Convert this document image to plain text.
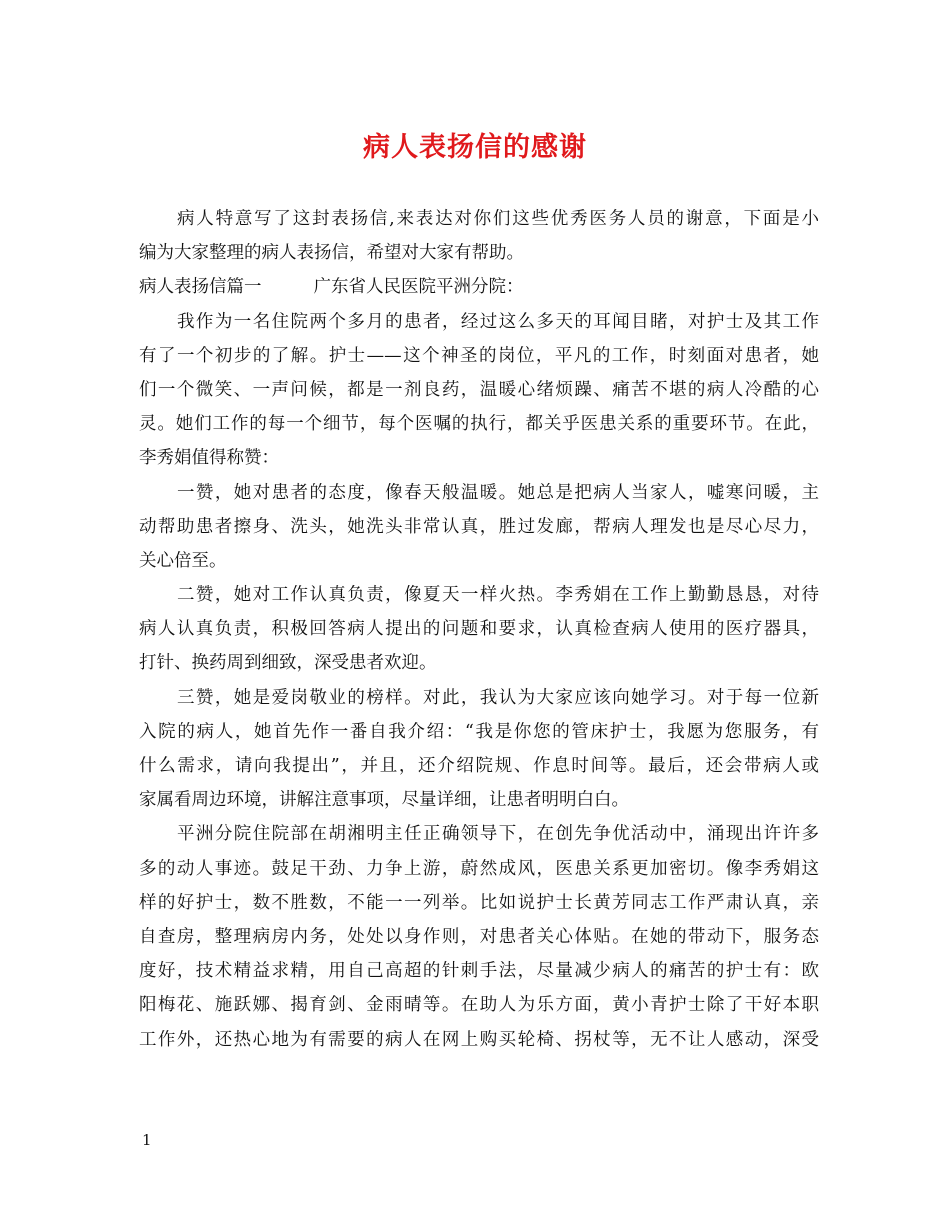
病人表扬信的感谢
病人特意写了这封表扬信,来表达对你们这些优秀医务人员的谢意，下面是小
编为大家整理的病人表扬信，希望对大家有帮助。
病人表扬信篇一	广东省人民医院平洲分院：
我作为一名住院两个多月的患者，经过这么多天的耳闻目睹，对护士及其工作
有了一个初步的了解。护士——这个神圣的岗位，平凡的工作，时刻面对患者，她
们一个微笑、一声问候，都是一剂良药，温暖心绪烦躁、痛苦不堪的病人冷酷的心
灵。她们工作的每一个细节，每个医嘱的执行，都关乎医患关系的重要环节。在此，
李秀娟值得称赞：
一赞，她对患者的态度，像春天般温暖。她总是把病人当家人，嘘寒问暖，主
动帮助患者擦身、洗头，她洗头非常认真，胜过发廊，帮病人理发也是尽心尽力，
关心倍至。
二赞，她对工作认真负责，像夏天一样火热。李秀娟在工作上勤勤恳恳，对待
病人认真负责，积极回答病人提出的问题和要求，认真检查病人使用的医疗器具，
打针、换药周到细致，深受患者欢迎。
三赞，她是爱岗敬业的榜样。对此，我认为大家应该向她学习。对于每一位新
入院的病人，她首先作一番自我介绍：“我是你您的管床护士，我愿为您服务，有
什么需求，请向我提出”，并且，还介绍院规、作息时间等。最后，还会带病人或
家属看周边环境，讲解注意事项，尽量详细，让患者明明白白。
平洲分院住院部在胡湘明主任正确领导下，在创先争优活动中，涌现出许许多
多的动人事迹。鼓足干劲、力争上游，蔚然成风，医患关系更加密切。像李秀娟这
样的好护士，数不胜数，不能一一列举。比如说护士长黄芳同志工作严肃认真，亲
自查房，整理病房内务，处处以身作则，对患者关心体贴。在她的带动下，服务态
度好，技术精益求精，用自己高超的针刺手法，尽量减少病人的痛苦的护士有：欧
阳梅花、施跃娜、揭育剑、金雨晴等。在助人为乐方面，黄小青护士除了干好本职
工作外，还热心地为有需要的病人在网上购买轮椅、拐杖等，无不让人感动，深受
1
